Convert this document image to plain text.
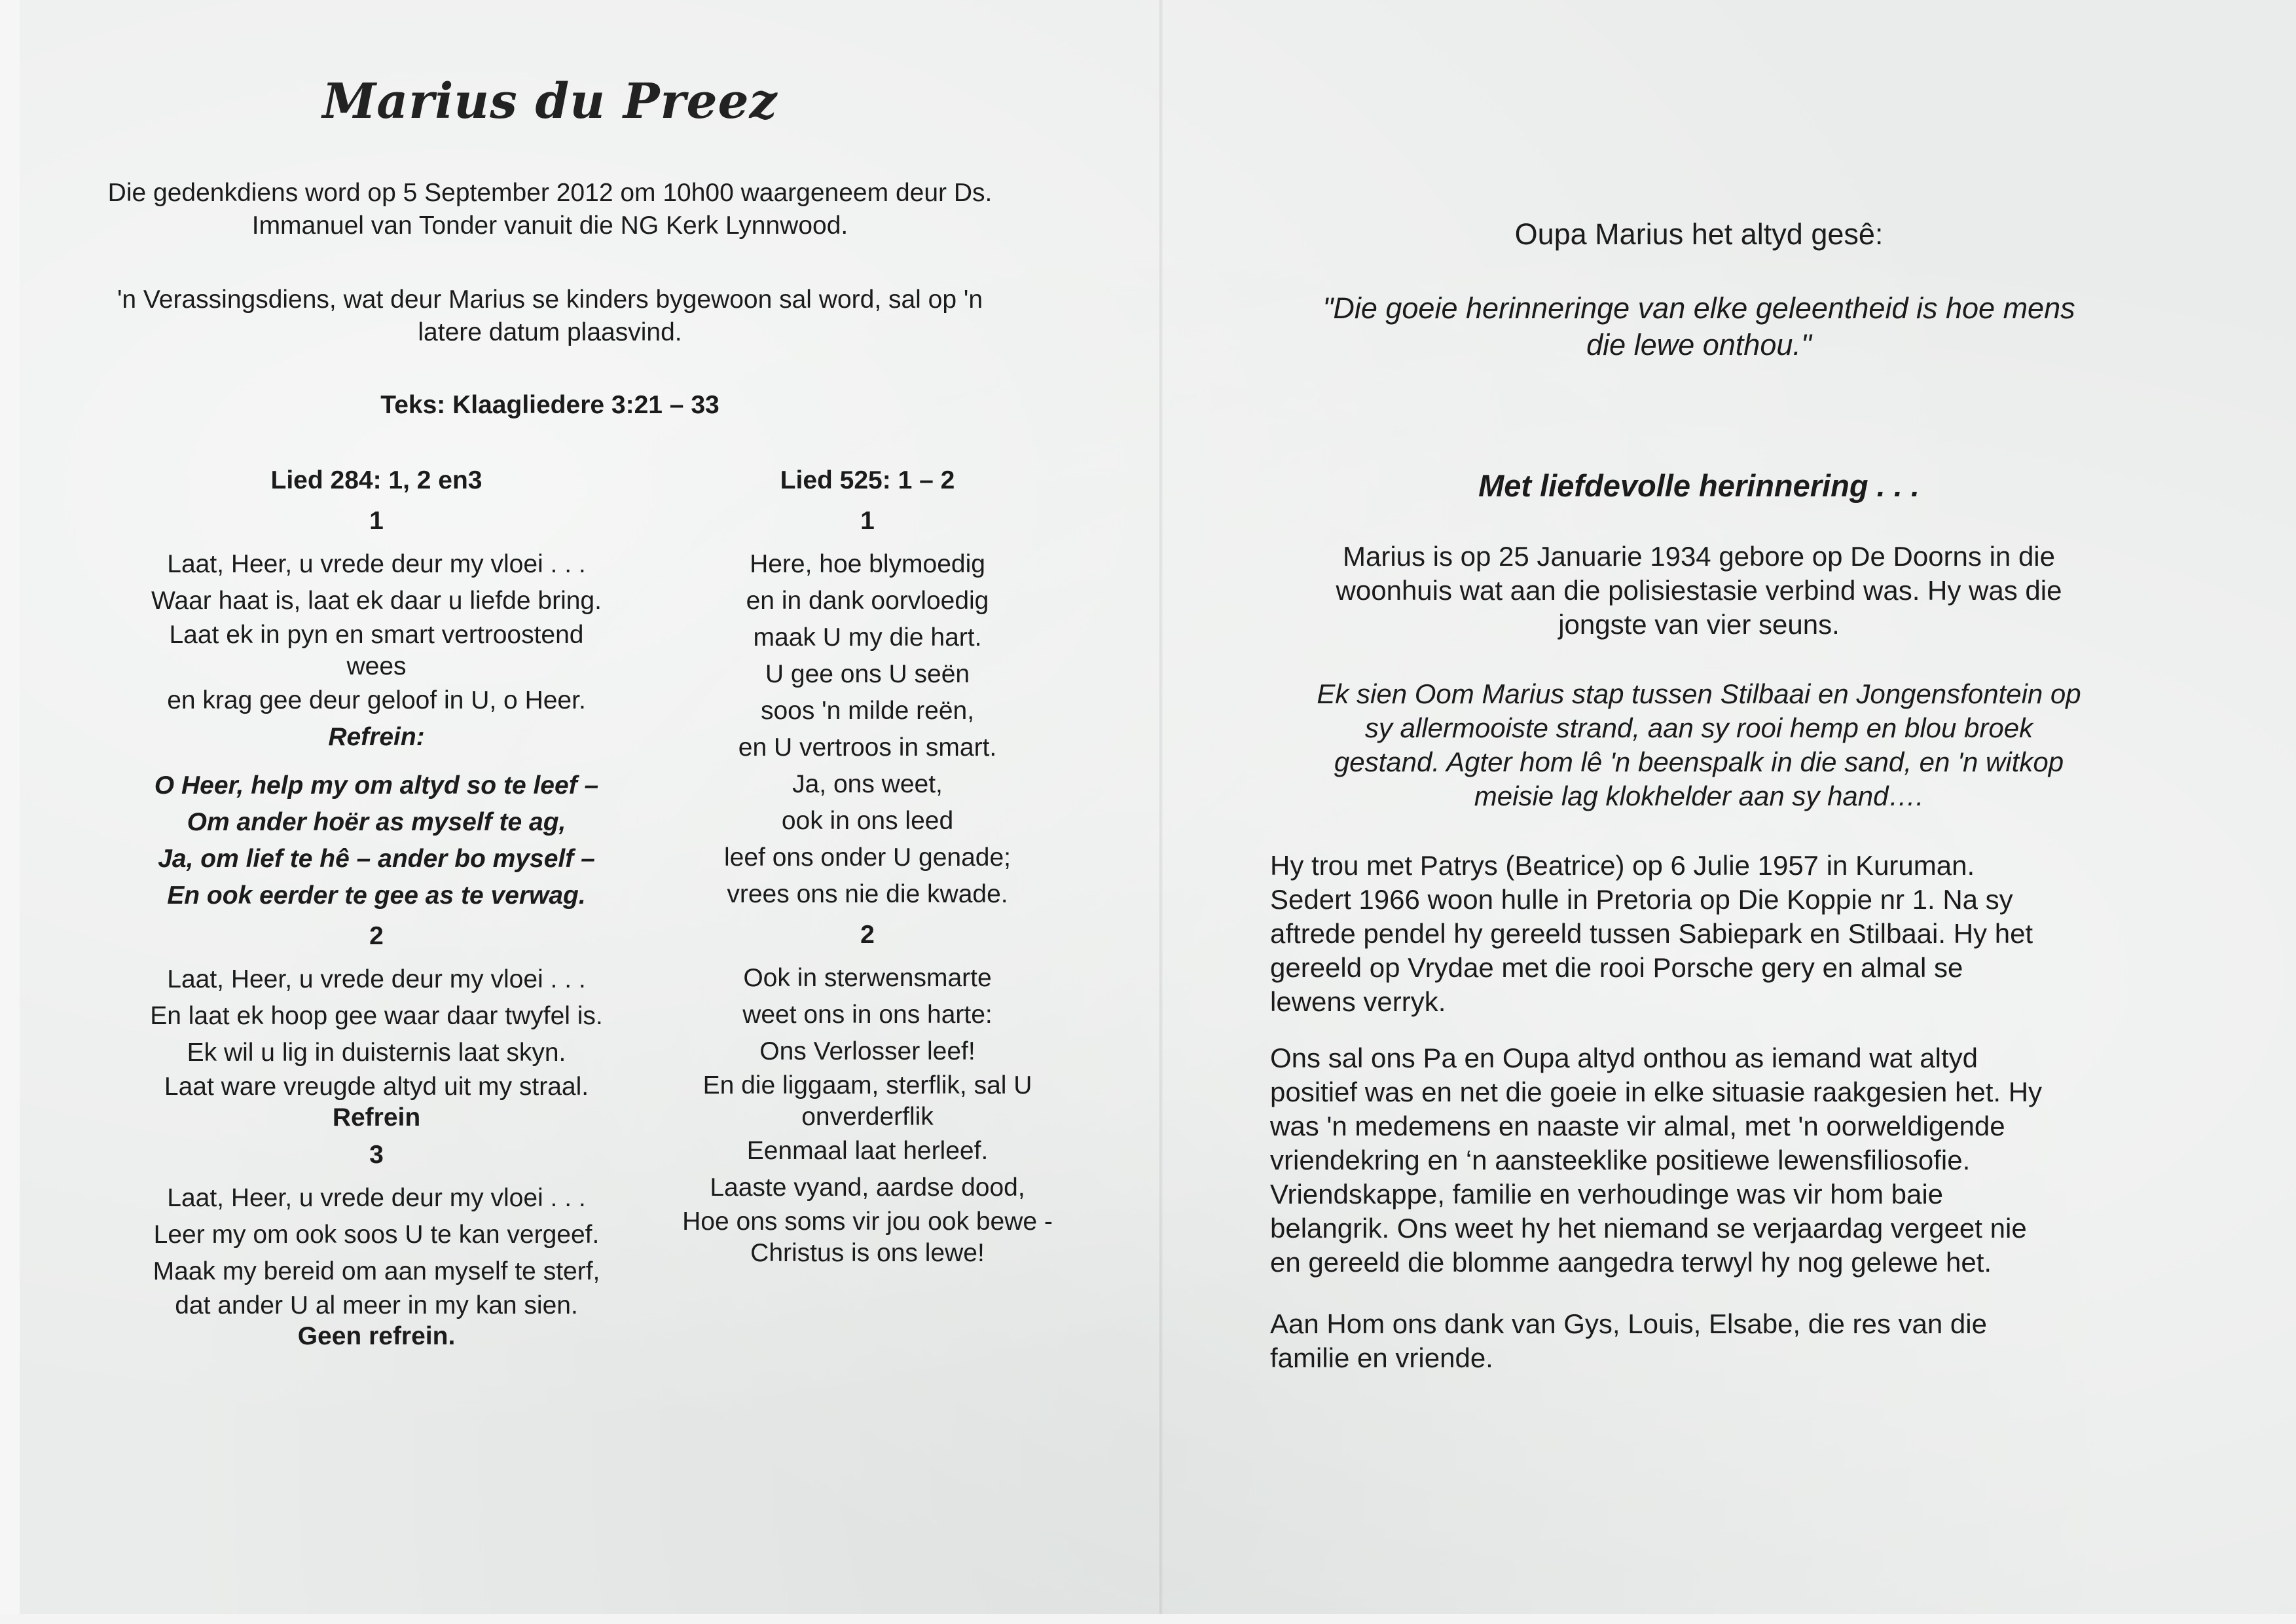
Marius du Preez
Die gedenkdiens word op 5 September 2012 om 10h00 waargeneem deur Ds.
Immanuel van Tonder vanuit die NG Kerk Lynnwood.
'n Verassingsdiens, wat deur Marius se kinders bygewoon sal word, sal op 'n
latere datum plaasvind.
Teks: Klaagliedere 3:21 – 33
Lied 284: 1, 2 en3
1
Laat, Heer, u vrede deur my vloei . . .
Waar haat is, laat ek daar u liefde bring.
Laat ek in pyn en smart vertroostend
wees
en krag gee deur geloof in U, o Heer.
Refrein:
O Heer, help my om altyd so te leef –
Om ander hoër as myself te ag,
Ja, om lief te hê – ander bo myself –
En ook eerder te gee as te verwag.
2
Laat, Heer, u vrede deur my vloei . . .
En laat ek hoop gee waar daar twyfel is.
Ek wil u lig in duisternis laat skyn.
Laat ware vreugde altyd uit my straal.
Refrein
3
Laat, Heer, u vrede deur my vloei . . .
Leer my om ook soos U te kan vergeef.
Maak my bereid om aan myself te sterf,
dat ander U al meer in my kan sien.
Geen refrein.
Lied 525: 1 – 2
1
Here, hoe blymoedig
en in dank oorvloedig
maak U my die hart.
U gee ons U seën
soos 'n milde reën,
en U vertroos in smart.
Ja, ons weet,
ook in ons leed
leef ons onder U genade;
vrees ons nie die kwade.
2
Ook in sterwensmarte
weet ons in ons harte:
Ons Verlosser leef!
En die liggaam, sterflik, sal U
onverderflik
Eenmaal laat herleef.
Laaste vyand, aardse dood,
Hoe ons soms vir jou ook bewe -
Christus is ons lewe!
Oupa Marius het altyd gesê:
"Die goeie herinneringe van elke geleentheid is hoe mens
die lewe onthou."
Met liefdevolle herinnering . . .
Marius is op 25 Januarie 1934 gebore op De Doorns in die
woonhuis wat aan die polisiestasie verbind was. Hy was die
jongste van vier seuns.
Ek sien Oom Marius stap tussen Stilbaai en Jongensfontein op
sy allermooiste strand, aan sy rooi hemp en blou broek
gestand. Agter hom lê 'n beenspalk in die sand, en 'n witkop
meisie lag klokhelder aan sy hand….
Hy trou met Patrys (Beatrice) op 6 Julie 1957 in Kuruman.
Sedert 1966 woon hulle in Pretoria op Die Koppie nr 1. Na sy
aftrede pendel hy gereeld tussen Sabiepark en Stilbaai. Hy het
gereeld op Vrydae met die rooi Porsche gery en almal se
lewens verryk.
Ons sal ons Pa en Oupa altyd onthou as iemand wat altyd
positief was en net die goeie in elke situasie raakgesien het. Hy
was 'n medemens en naaste vir almal, met 'n oorweldigende
vriendekring en ‘n aansteeklike positiewe lewensfiliosofie.
Vriendskappe, familie en verhoudinge was vir hom baie
belangrik. Ons weet hy het niemand se verjaardag vergeet nie
en gereeld die blomme aangedra terwyl hy nog gelewe het.
Aan Hom ons dank van Gys, Louis, Elsabe, die res van die
familie en vriende.
